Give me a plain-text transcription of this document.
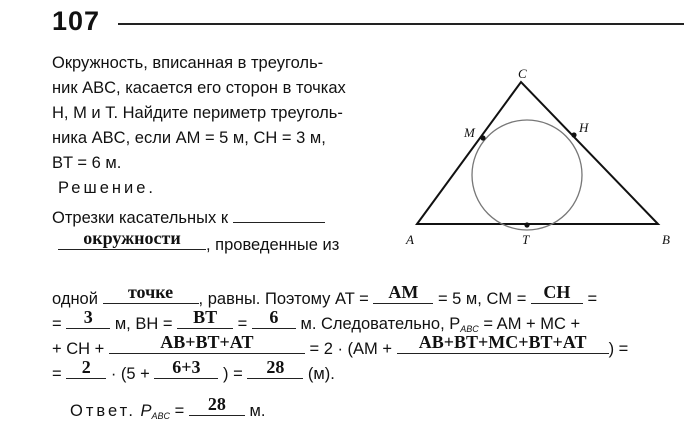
107
Окружность, вписанная в треуголь-
ник ABC, касается его сторон в точках
H, M и T. Найдите периметр треуголь-
ника ABC, если AM = 5 м, CH = 3 м,
BT = 6 м.
Решение.
Отрезки касательных к
окружности	, проведенные из
одной	точке	, равны. Поэтому AT =	AM	= 5 м, CM = CH	=
=	3	м, BH =	BT	=	6	м. Следовательно, $P_{ABC}$ = AM + MC +
+ CH +	AB+BT+AT	= 2 · (AM +	AB+BT+MC+BT+AT	) =
=	2	· (5 +	6+3	) =	28	(м).
Ответ. $P_{ABC}$ =	28	м.
A	B
C
M	H
T
